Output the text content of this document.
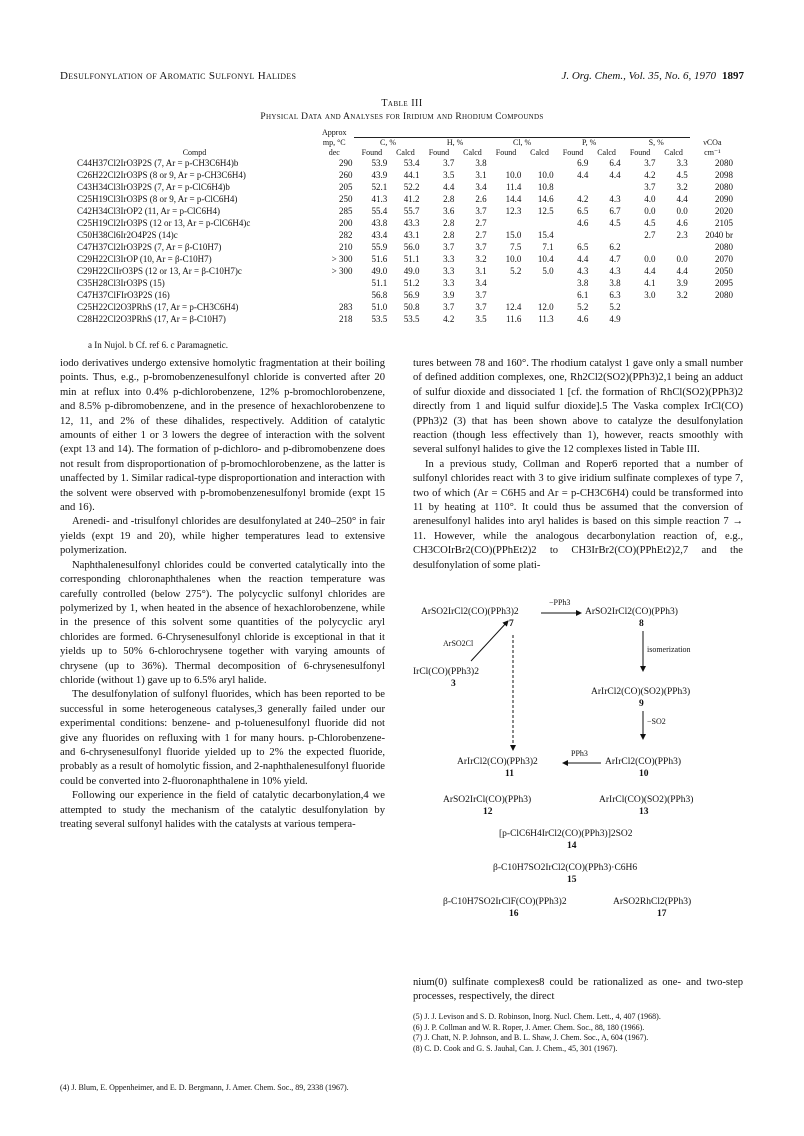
Desulfonylation of Aromatic Sulfonyl Halides	J. Org. Chem., Vol. 35, No. 6, 1970 1897
Table III
Physical Data and Analyses for Iridium and Rhodium Compounds
	Approx											
	mp, °C	C, %		H, %		Cl, %		P, %		S, %		νCOa
Compd	dec	Found	Calcd	Found	Calcd	Found	Calcd	Found	Calcd	Found	Calcd	cm⁻¹
C44H37Cl2IrO3P2S (7, Ar = p-CH3C6H4)b	290	53.9	53.4	3.7	3.8			6.9	6.4	3.7	3.3	2080
C26H22Cl2IrO3PS (8 or 9, Ar = p-CH3C6H4)	260	43.9	44.1	3.5	3.1	10.0	10.0	4.4	4.4	4.2	4.5	2098
C43H34Cl3IrO3P2S (7, Ar = p-ClC6H4)b	205	52.1	52.2	4.4	3.4	11.4	10.8			3.7	3.2	2080
C25H19Cl3IrO3PS (8 or 9, Ar = p-ClC6H4)	250	41.3	41.2	2.8	2.6	14.4	14.6	4.2	4.3	4.0	4.4	2090
C42H34Cl3IrOP2 (11, Ar = p-ClC6H4)	285	55.4	55.7	3.6	3.7	12.3	12.5	6.5	6.7	0.0	0.0	2020
C25H19Cl2IrO3PS (12 or 13, Ar = p-ClC6H4)c	200	43.8	43.3	2.8	2.7			4.6	4.5	4.5	4.6	2105
C50H38Cl6Ir2O4P2S (14)c	282	43.4	43.1	2.8	2.7	15.0	15.4			2.7	2.3	2040 br
C47H37Cl2IrO3P2S (7, Ar = β-C10H7)	210	55.9	56.0	3.7	3.7	7.5	7.1	6.5	6.2			2080
C29H22Cl3IrOP (10, Ar = β-C10H7)	> 300	51.6	51.1	3.3	3.2	10.0	10.4	4.4	4.7	0.0	0.0	2070
C29H22ClIrO3PS (12 or 13, Ar = β-C10H7)c	> 300	49.0	49.0	3.3	3.1	5.2	5.0	4.3	4.3	4.4	4.4	2050
C35H28Cl3IrO3PS (15)		51.1	51.2	3.3	3.4			3.8	3.8	4.1	3.9	2095
C47H37ClFIrO3P2S (16)		56.8	56.9	3.9	3.7			6.1	6.3	3.0	3.2	2080
C25H22Cl2O3PRhS (17, Ar = p-CH3C6H4)	283	51.0	50.8	3.7	3.7	12.4	12.0	5.2	5.2			
C28H22Cl2O3PRhS (17, Ar = β-C10H7)	218	53.5	53.5	4.2	3.5	11.6	11.3	4.6	4.9			
a In Nujol. b Cf. ref 6. c Paramagnetic.

iodo derivatives undergo extensive homolytic fragmentation at their boiling points. Thus, e.g., p-bromobenzenesulfonyl chloride is converted after 20 min at reflux into 0.4% p-dichlorobenzene, 12% p-bromochlorobenzene, and 8.5% p-dibromobenzene, and in the presence of hexachlorobenzene to 12, 11, and 2% of these dihalides, respectively. Addition of catalytic amounts of either 1 or 3 lowers the degree of interaction with the solvent (expt 13 and 14). The formation of p-dichloro- and p-dibromobenzene does not result from disproportionation of p-bromochlorobenzene, as the latter is unaffected by 1. Similar radical-type disproportionation and interaction with the solvent were observed with p-bromobenzenesulfonyl bromide (expt 15 and 16).

Arenedi- and -trisulfonyl chlorides are desulfonylated at 240–250° in fair yields (expt 19 and 20), while higher temperatures lead to extensive polymerization.

Naphthalenesulfonyl chlorides could be converted catalytically into the corresponding chloronaphthalenes when the reaction temperature was carefully controlled (below 275°). The polycyclic sulfonyl chlorides are polymerized by 1, when heated in the absence of hexachlorobenzene, while in the presence of this solvent some quantities of the polycyclic aryl chlorides are formed. 6-Chrysenesulfonyl chloride is exceptional in that it yields up to 50% 6-chlorochrysene together with varying amounts of chrysene (up to 36%). Thermal decomposition of 6-chrysenesulfonyl chloride (without 1) gave up to 6.5% aryl halide.

The desulfonylation of sulfonyl fluorides, which has been reported to be successful in some heterogeneous catalyses,3 generally failed under our experimental conditions: benzene- and p-toluenesulfonyl fluoride did not give any fluorides on refluxing with 1 for many hours. p-Chlorobenzene- and 6-chrysenesulfonyl fluoride yielded up to 2% the expected fluoride, probably as a result of homolytic fission, and 2-naphthalenesulfonyl fluoride could be converted into 2-fluoronaphthalene in 10% yield.

Following our experience in the field of catalytic decarbonylation,4 we attempted to study the mechanism of the catalytic desulfonylation by treating several sulfonyl halides with the catalysts at various tempera-

(4) J. Blum, E. Oppenheimer, and E. D. Bergmann, J. Amer. Chem. Soc., 89, 2338 (1967).

tures between 78 and 160°. The rhodium catalyst 1 gave only a small number of defined addition complexes, one, Rh2Cl2(SO2)(PPh3)2,1 being an adduct of sulfur dioxide and dissociated 1 [cf. the formation of RhCl(SO2)(PPh3)2 directly from 1 and liquid sulfur dioxide].5 The Vaska complex IrCl(CO)(PPh3)2 (3) that has been shown above to catalyze the desulfonylation reaction (though less effectively than 1), however, reacts smoothly with several sulfonyl halides to give the 12 complexes listed in Table III.

In a previous study, Collman and Roper6 reported that a number of sulfonyl chlorides react with 3 to give iridium sulfinate complexes of type 7, two of which (Ar = C6H5 and Ar = p-CH3C6H4) could be transformed into 11 by heating at 110°. It could thus be assumed that the conversion of arenesulfonyl halides into aryl halides is based on this simple reaction 7 → 11. However, while the analogous decarbonylation reaction of, e.g., CH3COIrBr2(CO)(PPhEt2)2 to CH3IrBr2(CO)(PPhEt2)2,7 and the desulfonylation of some plati-

ArSO2IrCl2(CO)(PPh3)2
7
−PPh3
ArSO2IrCl2(CO)(PPh3)
8
ArSO2Cl
IrCl(CO)(PPh3)2
3
isomerization
ArIrCl2(CO)(SO2)(PPh3)
9
−SO2
ArIrCl2(CO)(PPh3)2
11
PPh3
ArIrCl2(CO)(PPh3)
10
ArSO2IrCl(CO)(PPh3)
12
ArIrCl(CO)(SO2)(PPh3)
13
[p-ClC6H4IrCl2(CO)(PPh3)]2SO2
14
β-C10H7SO2IrCl2(CO)(PPh3)·C6H6
15
β-C10H7SO2IrClF(CO)(PPh3)2
16
ArSO2RhCl2(PPh3)
17

nium(0) sulfinate complexes8 could be rationalized as one- and two-step processes, respectively, the direct

(5) J. J. Levison and S. D. Robinson, Inorg. Nucl. Chem. Lett., 4, 407 (1968).
(6) J. P. Collman and W. R. Roper, J. Amer. Chem. Soc., 88, 180 (1966).
(7) J. Chatt, N. P. Johnson, and B. L. Shaw, J. Chem. Soc., A, 604 (1967).
(8) C. D. Cook and G. S. Jauhal, Can. J. Chem., 45, 301 (1967).
